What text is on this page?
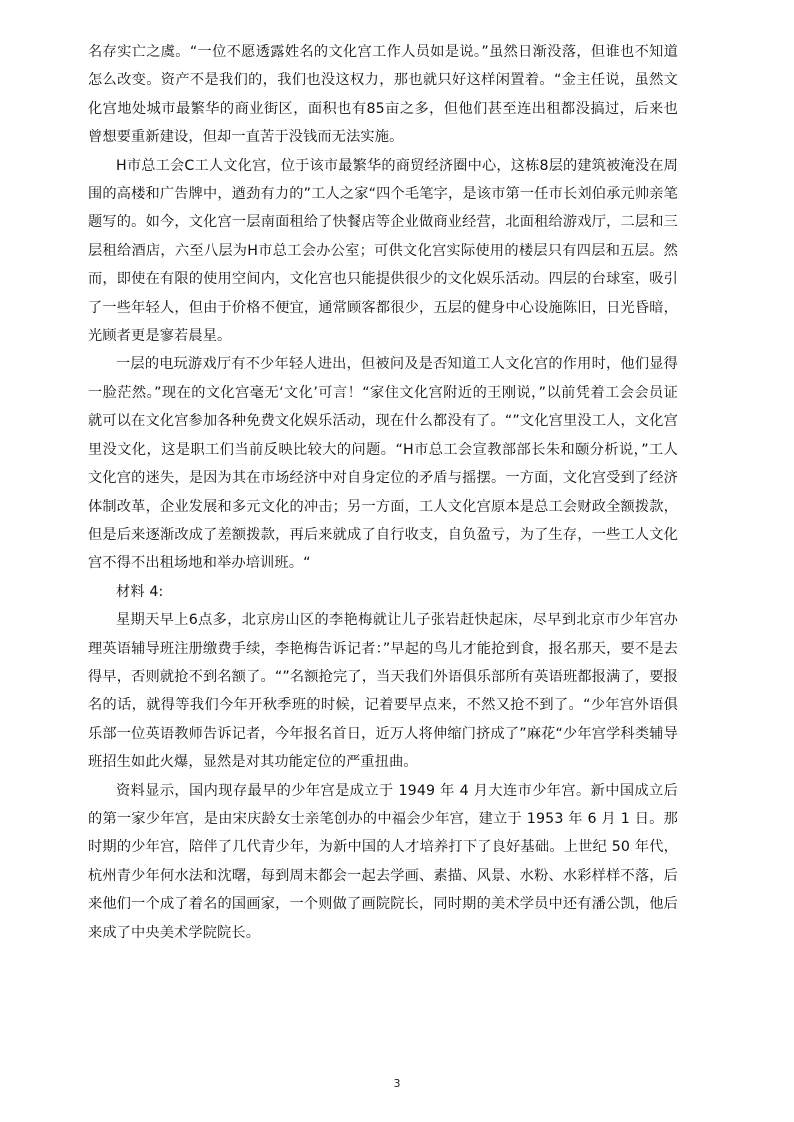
名存实亡之虞。“一位不愿透露姓名的文化宫工作人员如是说。”虽然日渐没落，但谁也不知道怎么改变。资产不是我们的，我们也没这权力，那也就只好这样闲置着。“金主任说，虽然文化宫地处城市最繁华的商业街区，面积也有85亩之多，但他们甚至连出租都没搞过，后来也曾想要重新建设，但却一直苦于没钱而无法实施。

H市总工会C工人文化宫，位于该市最繁华的商贸经济圈中心，这栋8层的建筑被淹没在周围的高楼和广告牌中，遒劲有力的”工人之家“四个毛笔字，是该市第一任市长刘伯承元帅亲笔题写的。如今，文化宫一层南面租给了快餐店等企业做商业经营，北面租给游戏厅，二层和三层租给酒店，六至八层为H市总工会办公室；可供文化宫实际使用的楼层只有四层和五层。然而，即使在有限的使用空间内，文化宫也只能提供很少的文化娱乐活动。四层的台球室，吸引了一些年轻人，但由于价格不便宜，通常顾客都很少，五层的健身中心设施陈旧，日光昏暗，光顾者更是寥若晨星。

一层的电玩游戏厅有不少年轻人进出，但被问及是否知道工人文化宫的作用时，他们显得一脸茫然。”现在的文化宫毫无‘文化’可言！“家住文化宫附近的王刚说，”以前凭着工会会员证就可以在文化宫参加各种免费文化娱乐活动，现在什么都没有了。“”文化宫里没工人，文化宫里没文化，这是职工们当前反映比较大的问题。“H市总工会宣教部部长朱和颐分析说，”工人文化宫的迷失，是因为其在市场经济中对自身定位的矛盾与摇摆。一方面，文化宫受到了经济体制改革，企业发展和多元文化的冲击；另一方面，工人文化宫原本是总工会财政全额拨款，但是后来逐渐改成了差额拨款，再后来就成了自行收支，自负盈亏，为了生存，一些工人文化宫不得不出租场地和举办培训班。“

材料 4:

星期天早上6点多，北京房山区的李艳梅就让儿子张岩赶快起床，尽早到北京市少年宫办理英语辅导班注册缴费手续，李艳梅告诉记者：”早起的鸟儿才能抢到食，报名那天，要不是去得早，否则就抢不到名额了。“”名额抢完了，当天我们外语俱乐部所有英语班都报满了，要报名的话，就得等我们今年开秋季班的时候，记着要早点来，不然又抢不到了。“少年宫外语俱乐部一位英语教师告诉记者，今年报名首日，近万人将伸缩门挤成了”麻花“少年宫学科类辅导班招生如此火爆，显然是对其功能定位的严重扭曲。

资料显示，国内现存最早的少年宫是成立于 1949 年 4 月大连市少年宫。新中国成立后的第一家少年宫，是由宋庆龄女士亲笔创办的中福会少年宫，建立于 1953 年 6 月 1 日。那时期的少年宫，陪伴了几代青少年，为新中国的人才培养打下了良好基础。上世纪 50 年代，杭州青少年何水法和沈曙，每到周末都会一起去学画、素描、风景、水粉、水彩样样不落，后来他们一个成了着名的国画家，一个则做了画院院长，同时期的美术学员中还有潘公凯，他后来成了中央美术学院院长。

3
